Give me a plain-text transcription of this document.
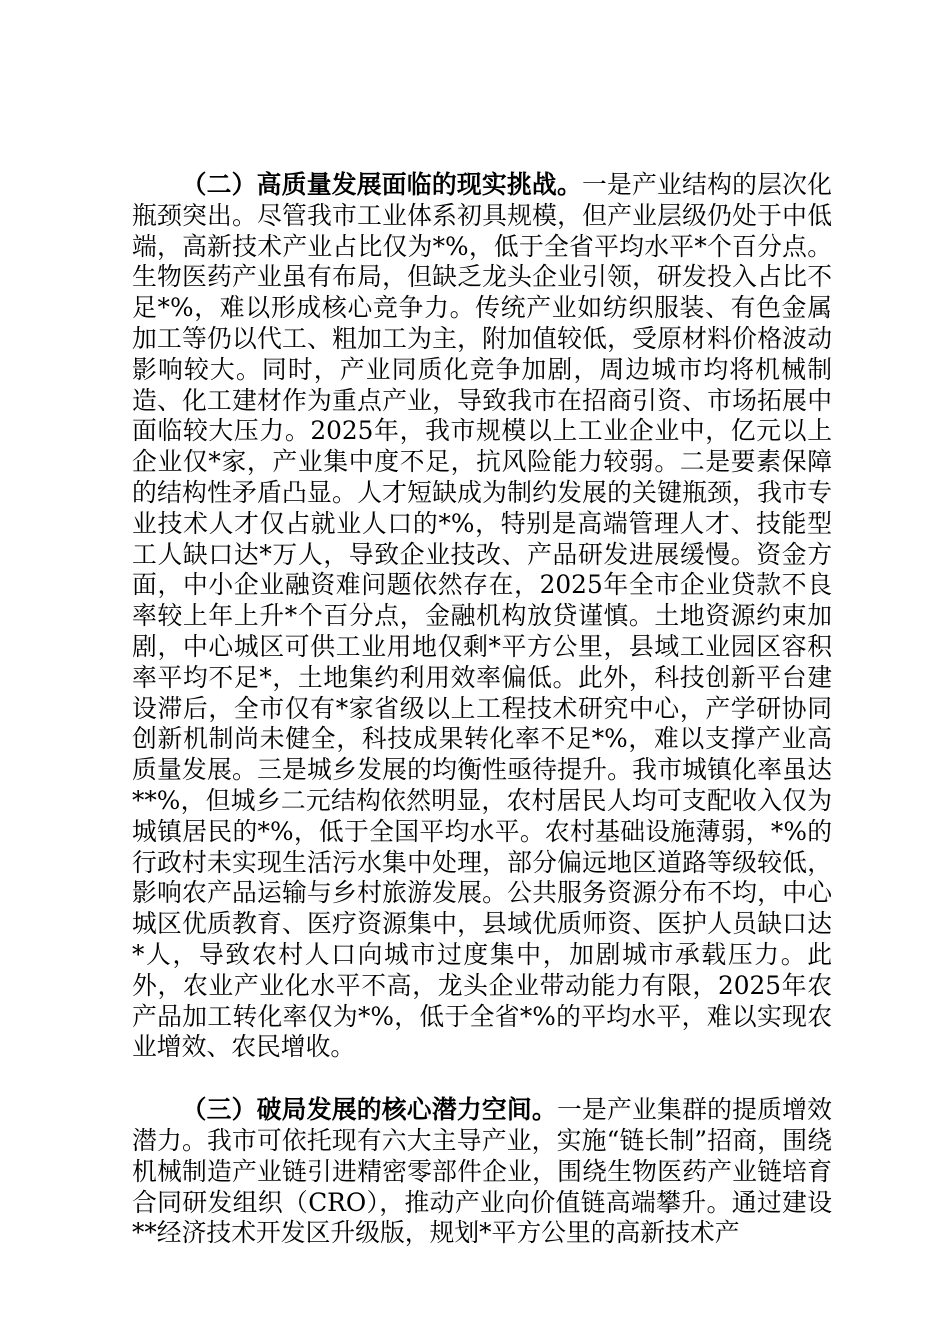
（二）高质量发展面临的现实挑战。一是产业结构的层次化瓶颈突出。尽管我市工业体系初具规模，但产业层级仍处于中低端，高新技术产业占比仅为*%，低于全省平均水平*个百分点。生物医药产业虽有布局，但缺乏龙头企业引领，研发投入占比不足*%，难以形成核心竞争力。传统产业如纺织服装、有色金属加工等仍以代工、粗加工为主，附加值较低，受原材料价格波动影响较大。同时，产业同质化竞争加剧，周边城市均将机械制造、化工建材作为重点产业，导致我市在招商引资、市场拓展中面临较大压力。2025年，我市规模以上工业企业中，亿元以上企业仅*家，产业集中度不足，抗风险能力较弱。二是要素保障的结构性矛盾凸显。人才短缺成为制约发展的关键瓶颈，我市专业技术人才仅占就业人口的*%，特别是高端管理人才、技能型工人缺口达*万人，导致企业技改、产品研发进展缓慢。资金方面，中小企业融资难问题依然存在，2025年全市企业贷款不良率较上年上升*个百分点，金融机构放贷谨慎。土地资源约束加剧，中心城区可供工业用地仅剩*平方公里，县域工业园区容积率平均不足*，土地集约利用效率偏低。此外，科技创新平台建设滞后，全市仅有*家省级以上工程技术研究中心，产学研协同创新机制尚未健全，科技成果转化率不足*%，难以支撑产业高质量发展。三是城乡发展的均衡性亟待提升。我市城镇化率虽达**%，但城乡二元结构依然明显，农村居民人均可支配收入仅为城镇居民的*%，低于全国平均水平。农村基础设施薄弱，*%的行政村未实现生活污水集中处理，部分偏远地区道路等级较低，影响农产品运输与乡村旅游发展。公共服务资源分布不均，中心城区优质教育、医疗资源集中，县域优质师资、医护人员缺口达*人，导致农村人口向城市过度集中，加剧城市承载压力。此外，农业产业化水平不高，龙头企业带动能力有限，2025年农产品加工转化率仅为*%，低于全省*%的平均水平，难以实现农业增效、农民增收。

（三）破局发展的核心潜力空间。一是产业集群的提质增效潜力。我市可依托现有六大主导产业，实施“链长制”招商，围绕机械制造产业链引进精密零部件企业，围绕生物医药产业链培育合同研发组织（CRO），推动产业向价值链高端攀升。通过建设**经济技术开发区升级版，规划*平方公里的高新技术产
